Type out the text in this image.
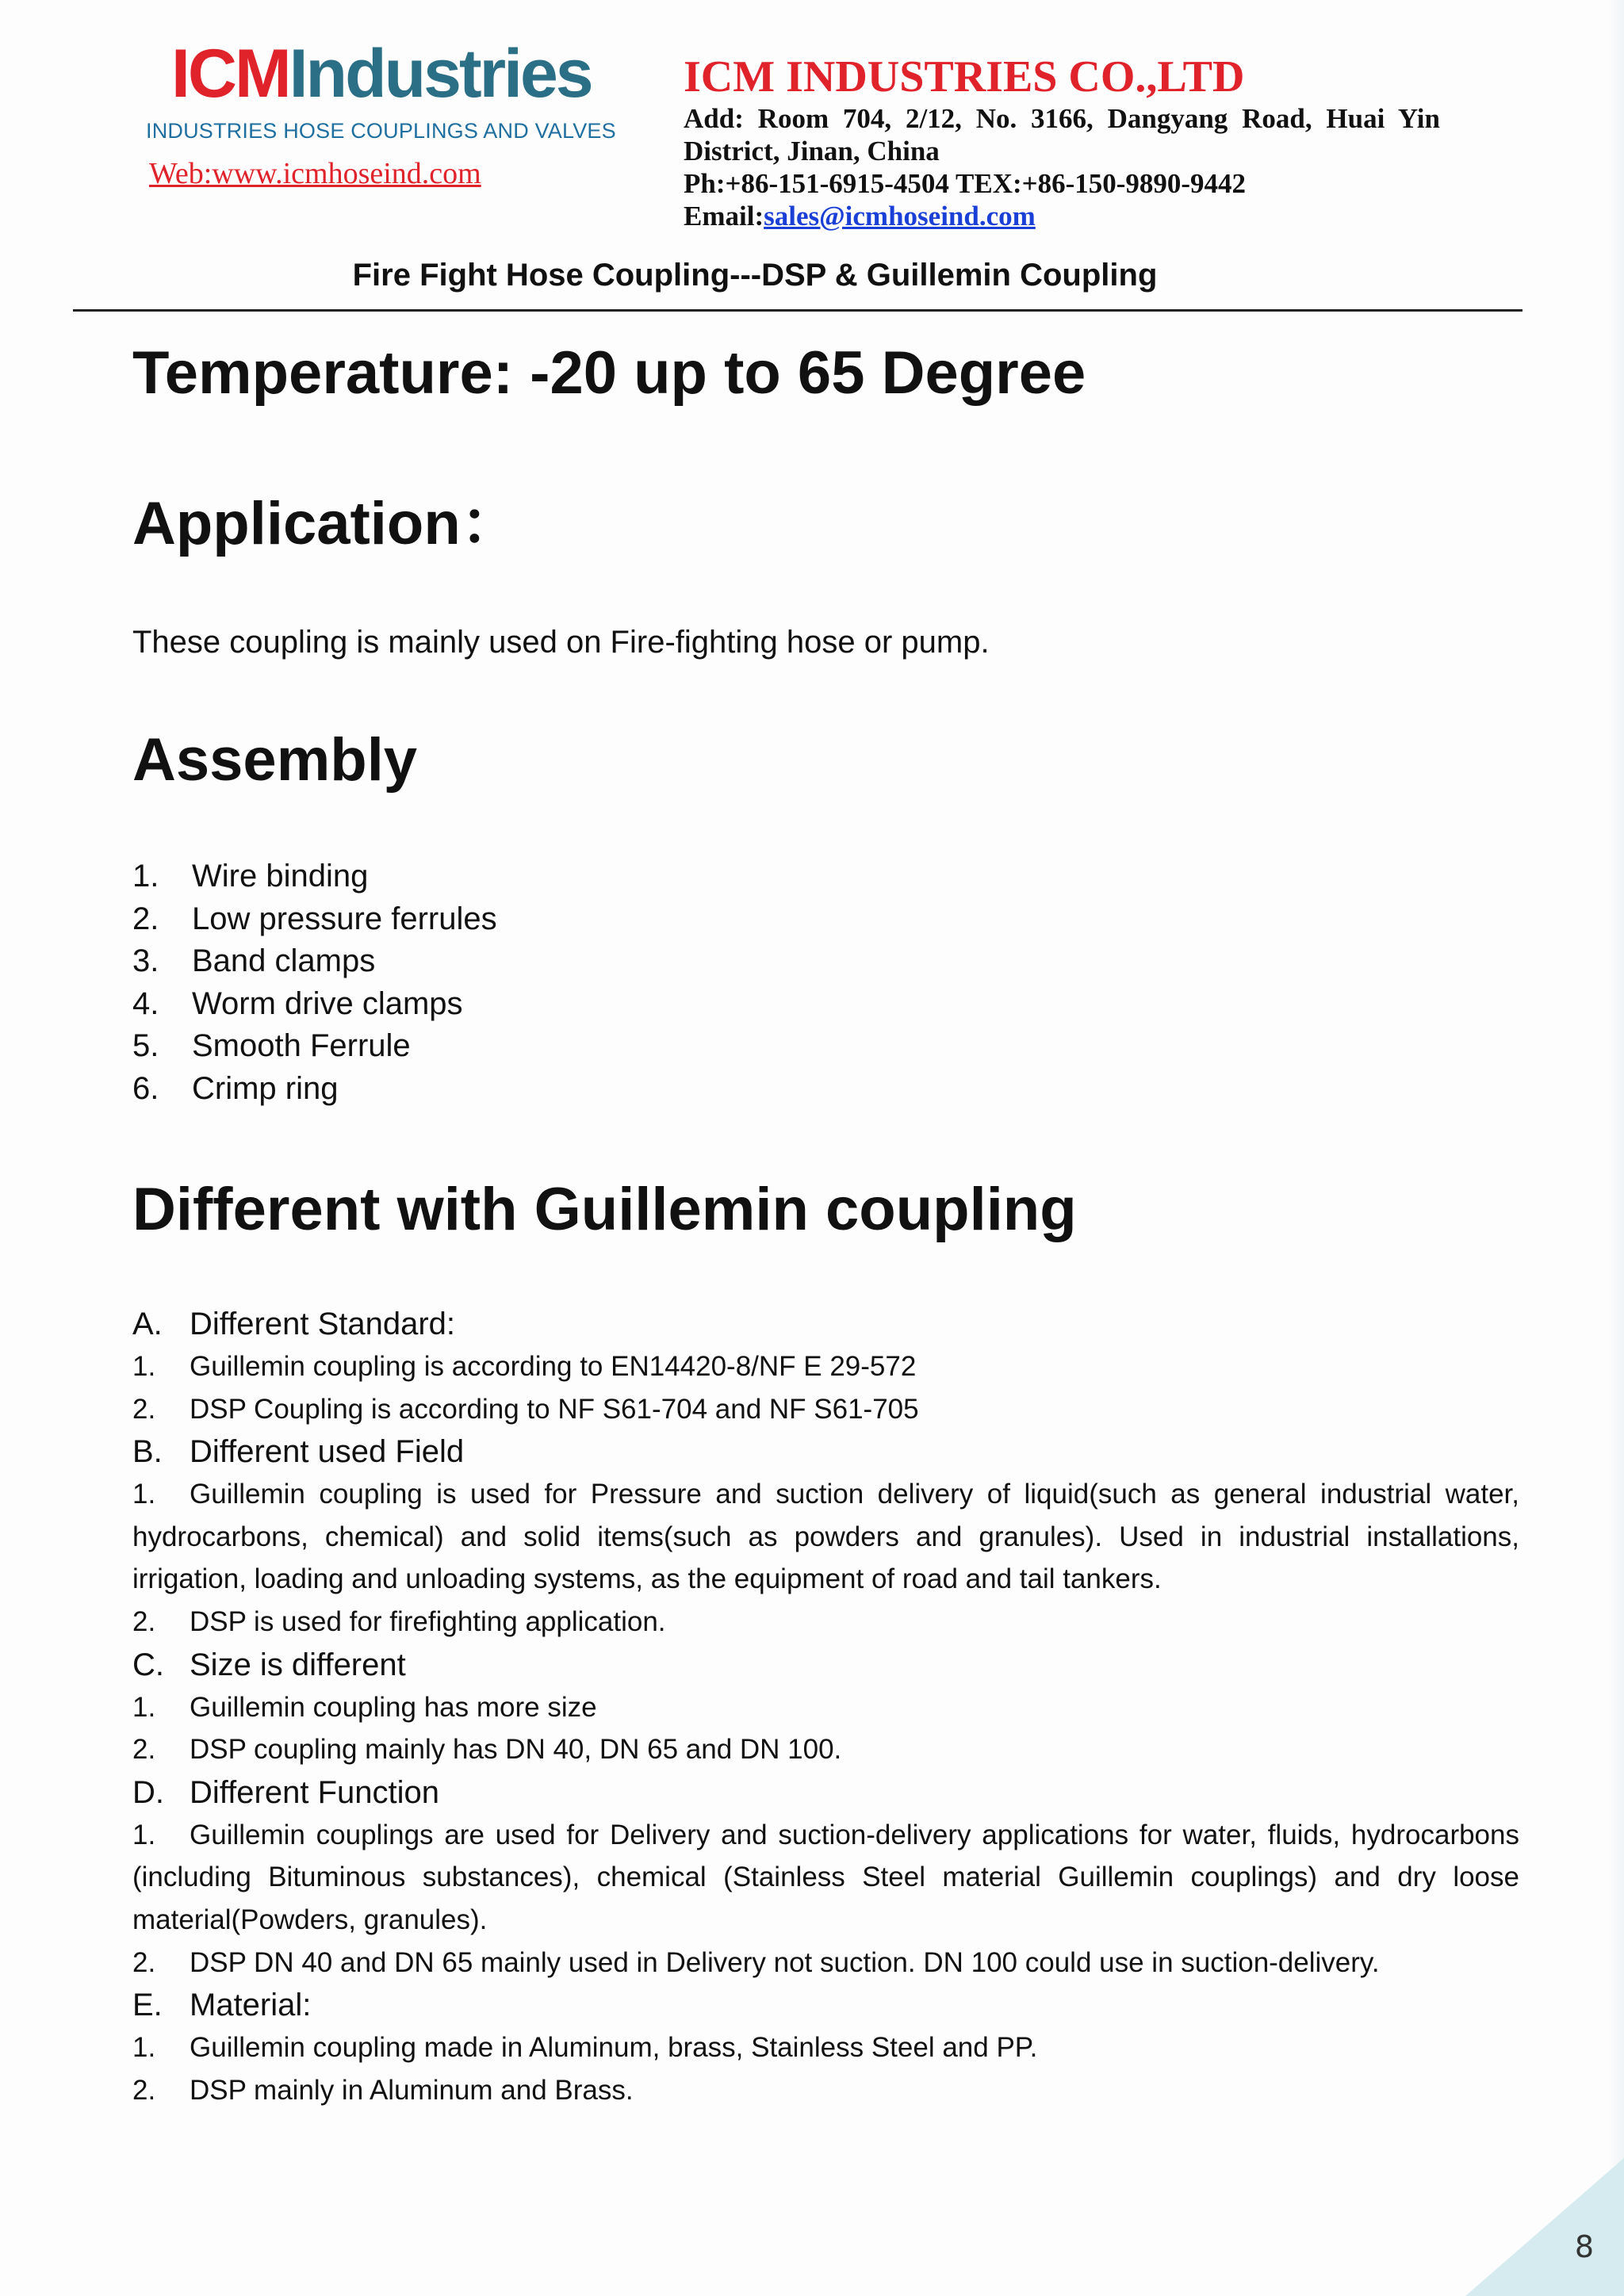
ICMIndustries
INDUSTRIES HOSE COUPLINGS AND VALVES
Web:www.icmhoseind.com
ICM INDUSTRIES CO.,LTD
Add: Room 704, 2/12, No. 3166, Dangyang Road, Huai Yin
District, Jinan, China
Ph:+86-151-6915-4504 TEX:+86-150-9890-9442
Email:sales@icmhoseind.com
Fire Fight Hose Coupling---DSP & Guillemin Coupling
Temperature: -20 up to 65 Degree
Application：
These coupling is mainly used on Fire-fighting hose or pump.
Assembly
1. Wire binding
2. Low pressure ferrules
3. Band clamps
4. Worm drive clamps
5. Smooth Ferrule
6. Crimp ring
Different with Guillemin coupling
A. Different Standard:
1. Guillemin coupling is according to EN14420-8/NF E 29-572
2. DSP Coupling is according to NF S61-704 and NF S61-705
B. Different used Field
1. Guillemin coupling is used for Pressure and suction delivery of liquid(such as general industrial water, hydrocarbons, chemical) and solid items(such as powders and granules). Used in industrial installations, irrigation, loading and unloading systems, as the equipment of road and tail tankers.
2. DSP is used for firefighting application.
C. Size is different
1. Guillemin coupling has more size
2. DSP coupling mainly has DN 40, DN 65 and DN 100.
D. Different Function
1. Guillemin couplings are used for Delivery and suction-delivery applications for water, fluids, hydrocarbons (including Bituminous substances), chemical (Stainless Steel material Guillemin couplings) and dry loose material(Powders, granules).
2. DSP DN 40 and DN 65 mainly used in Delivery not suction. DN 100 could use in suction-delivery.
E. Material:
1. Guillemin coupling made in Aluminum, brass, Stainless Steel and PP.
2. DSP mainly in Aluminum and Brass.
8
